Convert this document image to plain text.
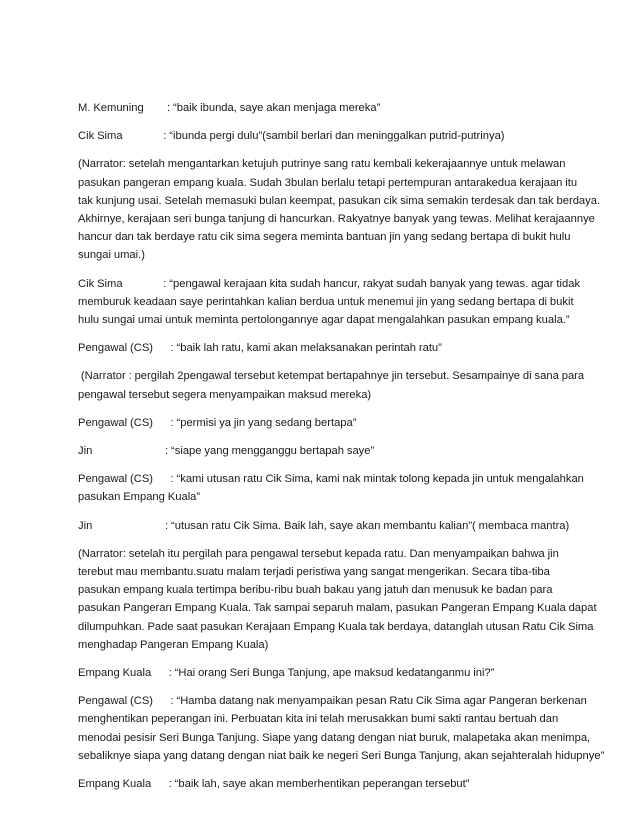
M. Kemuning        : “baik ibunda, saye akan menjaga mereka”

Cik Sima              : “ibunda pergi dulu”(sambil berlari dan meninggalkan putrid-putrinya)

(Narrator: setelah mengantarkan ketujuh putrinye sang ratu kembali kekerajaannye untuk melawan
pasukan pangeran empang kuala. Sudah 3bulan berlalu tetapi pertempuran antarakedua kerajaan itu
tak kunjung usai. Setelah memasuki bulan keempat, pasukan cik sima semakin terdesak dan tak berdaya.
Akhirnye, kerajaan seri bunga tanjung di hancurkan. Rakyatnye banyak yang tewas. Melihat kerajaannye
hancur dan tak berdaye ratu cik sima segera meminta bantuan jin yang sedang bertapa di bukit hulu
sungai umai.)

Cik Sima              : “pengawal kerajaan kita sudah hancur, rakyat sudah banyak yang tewas. agar tidak
memburuk keadaan saye perintahkan kalian berdua untuk menemui jin yang sedang bertapa di bukit
hulu sungai umai untuk meminta pertolongannye agar dapat mengalahkan pasukan empang kuala.”

Pengawal (CS)      : “baik lah ratu, kami akan melaksanakan perintah ratu”

(Narrator : pergilah 2pengawal tersebut ketempat bertapahnye jin tersebut. Sesampainye di sana para
pengawal tersebut segera menyampaikan maksud mereka)

Pengawal (CS)      : “permisi ya jin yang sedang bertapa”

Jin                         : “siape yang mengganggu bertapah saye”

Pengawal (CS)      : “kami utusan ratu Cik Sima, kami nak mintak tolong kepada jin untuk mengalahkan
pasukan Empang Kuala”

Jin                         : “utusan ratu Cik Sima. Baik lah, saye akan membantu kalian”( membaca mantra)

(Narrator: setelah itu pergilah para pengawal tersebut kepada ratu. Dan menyampaikan bahwa jin
terebut mau membantu.suatu malam terjadi peristiwa yang sangat mengerikan. Secara tiba-tiba
pasukan empang kuala tertimpa beribu-ribu buah bakau yang jatuh dan menusuk ke badan para
pasukan Pangeran Empang Kuala. Tak sampai separuh malam, pasukan Pangeran Empang Kuala dapat
dilumpuhkan. Pade saat pasukan Kerajaan Empang Kuala tak berdaya, datanglah utusan Ratu Cik Sima
menghadap Pangeran Empang Kuala)

Empang Kuala      : “Hai orang Seri Bunga Tanjung, ape maksud kedatanganmu ini?”

Pengawal (CS)      : “Hamba datang nak menyampaikan pesan Ratu Cik Sima agar Pangeran berkenan
menghentikan peperangan ini. Perbuatan kita ini telah merusakkan bumi sakti rantau bertuah dan
menodai pesisir Seri Bunga Tanjung. Siape yang datang dengan niat buruk, malapetaka akan menimpa,
sebaliknye siapa yang datang dengan niat baik ke negeri Seri Bunga Tanjung, akan sejahteralah hidupnye”

Empang Kuala      : “baik lah, saye akan memberhentikan peperangan tersebut”
